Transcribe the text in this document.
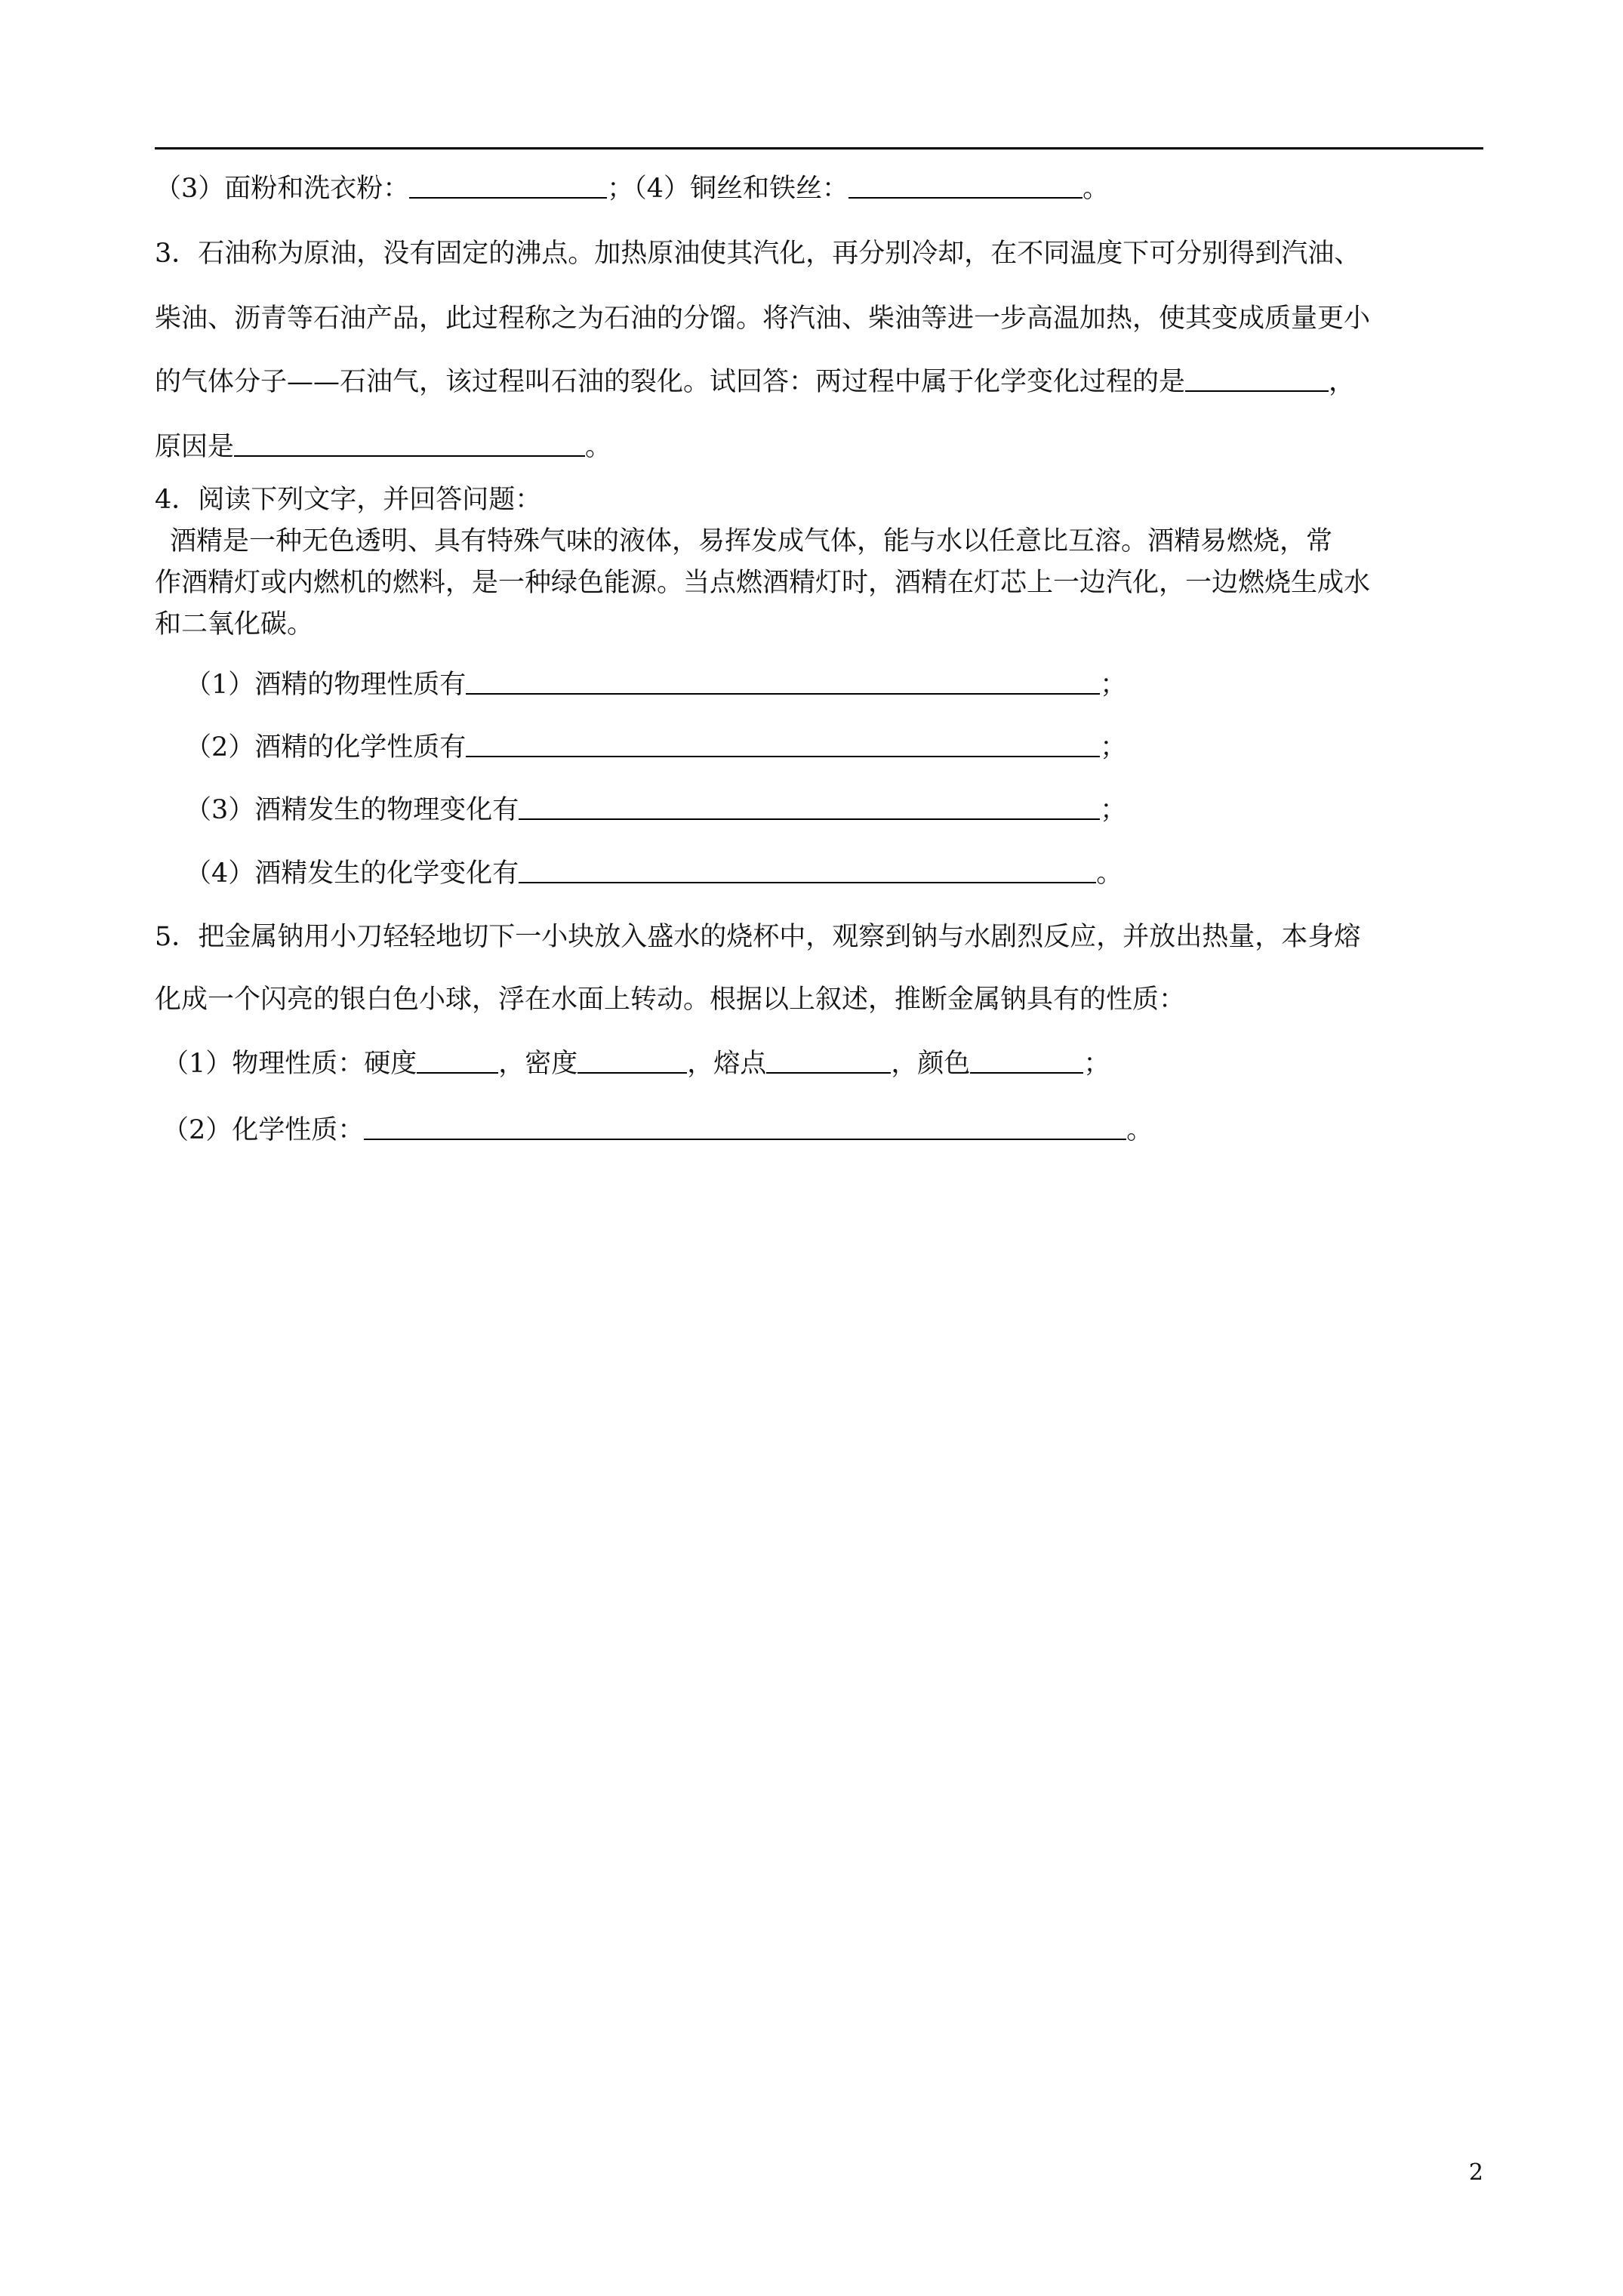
（3）面粉和洗衣粉：	；（4）铜丝和铁丝：	。
3．石油称为原油，没有固定的沸点。加热原油使其汽化，再分别冷却，在不同温度下可分别得到汽油、
柴油、沥青等石油产品，此过程称之为石油的分馏。将汽油、柴油等进一步高温加热，使其变成质量更小
的气体分子——石油气，该过程叫石油的裂化。试回答：两过程中属于化学变化过程的是	，
原因是	。
4．阅读下列文字，并回答问题：
酒精是一种无色透明、具有特殊气味的液体，易挥发成气体，能与水以任意比互溶。酒精易燃烧，常
作酒精灯或内燃机的燃料，是一种绿色能源。当点燃酒精灯时，酒精在灯芯上一边汽化，一边燃烧生成水
和二氧化碳。
（1）酒精的物理性质有	；
（2）酒精的化学性质有	；
（3）酒精发生的物理变化有	；
（4）酒精发生的化学变化有	。
5．把金属钠用小刀轻轻地切下一小块放入盛水的烧杯中，观察到钠与水剧烈反应，并放出热量，本身熔
化成一个闪亮的银白色小球，浮在水面上转动。根据以上叙述，推断金属钠具有的性质：
（1）物理性质：硬度	，密度	，熔点	，颜色	；
（2）化学性质：	。
2
